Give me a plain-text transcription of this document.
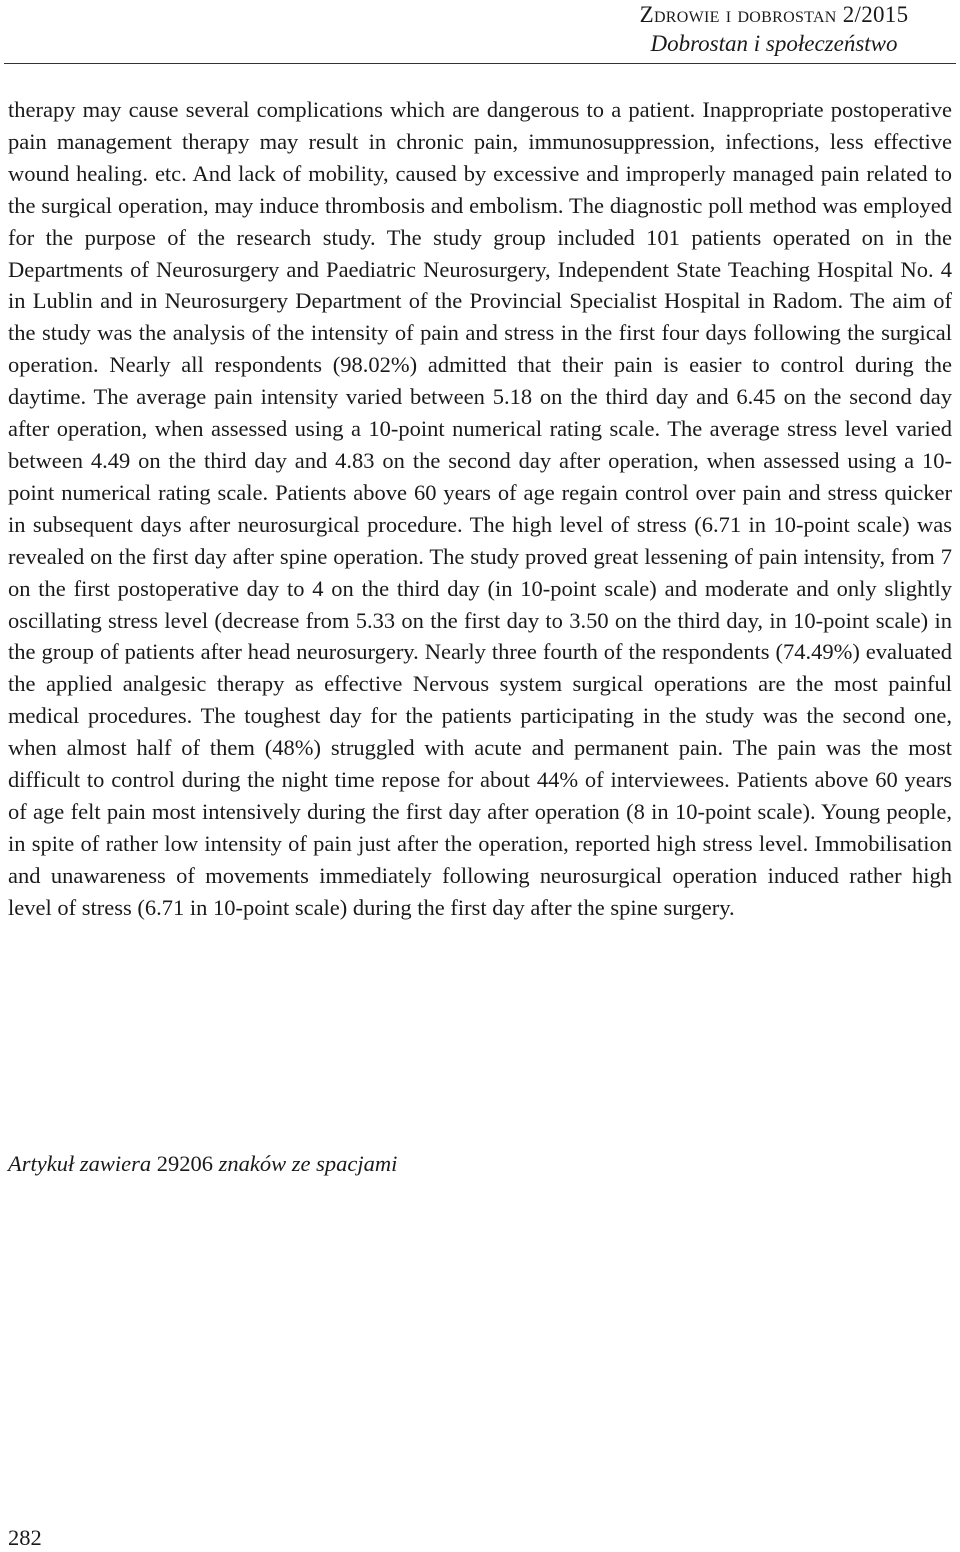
Zdrowie i dobrostan 2/2015
Dobrostan i społeczeństwo

therapy may cause several complications which are dangerous to a patient. Inappropriate postoperative pain management therapy may result in chronic pain, immunosuppression, infections, less effective wound healing. etc. And lack of mobility, caused by excessive and improperly managed pain related to the surgical operation, may induce thrombosis and embolism. The diagnostic poll method was employed for the purpose of the research study. The study group included 101 patients operated on in the Departments of Neurosurgery and Paediatric Neurosurgery, Independent State Teaching Hospital No. 4 in Lublin and in Neurosurgery Department of the Provincial Specialist Hospital in Radom. The aim of the study was the analysis of the intensity of pain and stress in the first four days following the surgical operation. Nearly all respondents (98.02%) admitted that their pain is easier to control during the daytime. The average pain intensity varied between 5.18 on the third day and 6.45 on the second day after operation, when assessed using a 10-point numerical rating scale. The average stress level varied between 4.49 on the third day and 4.83 on the second day after operation, when assessed using a 10-point numerical rating scale. Patients above 60 years of age regain control over pain and stress quicker in subsequent days after neurosurgical procedure. The high level of stress (6.71 in 10-point scale) was revealed on the first day after spine operation. The study proved great lessening of pain intensity, from 7 on the first postoperative day to 4 on the third day (in 10-point scale) and moderate and only slightly oscillating stress level (decrease from 5.33 on the first day to 3.50 on the third day, in 10-point scale) in the group of patients after head neurosurgery. Nearly three fourth of the respondents (74.49%) evaluated the applied analgesic therapy as effective Nervous system surgical operations are the most painful medical procedures. The toughest day for the patients participating in the study was the second one, when almost half of them (48%) struggled with acute and permanent pain. The pain was the most difficult to control during the night time repose for about 44% of interviewees. Patients above 60 years of age felt pain most intensively during the first day after operation (8 in 10-point scale). Young people, in spite of rather low intensity of pain just after the operation, reported high stress level. Immobilisation and unawareness of movements immediately following neurosurgical operation induced rather high level of stress (6.71 in 10-point scale) during the first day after the spine surgery.

Artykuł zawiera 29206 znaków ze spacjami
282
